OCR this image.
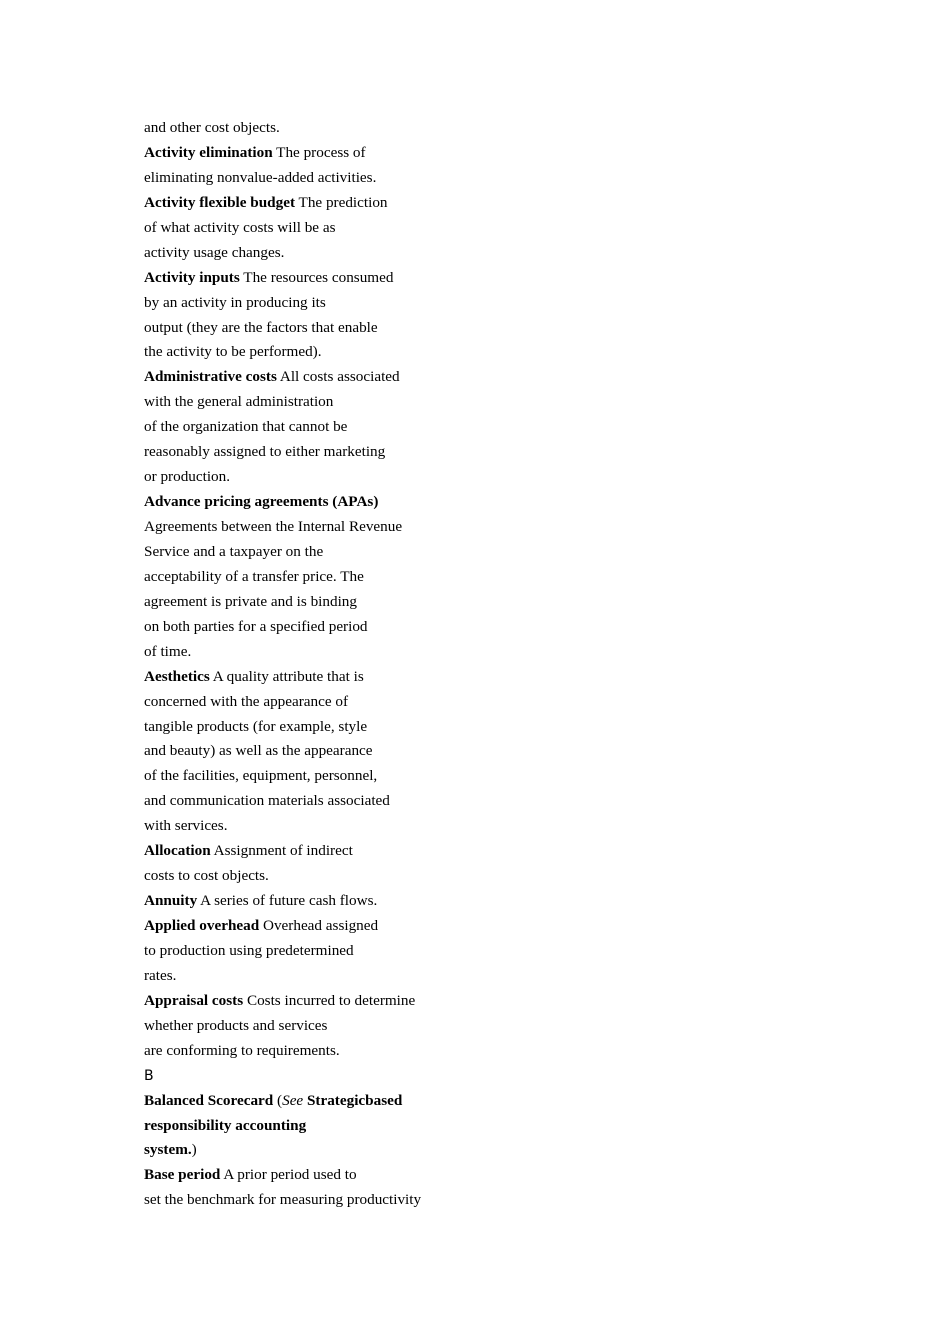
and other cost objects.
Activity elimination The process of
eliminating nonvalue-added activities.
Activity flexible budget The prediction
of what activity costs will be as
activity usage changes.
Activity inputs The resources consumed
by an activity in producing its
output (they are the factors that enable
the activity to be performed).
Administrative costs All costs associated
with the general administration
of the organization that cannot be
reasonably assigned to either marketing
or production.
Advance pricing agreements (APAs)
Agreements between the Internal Revenue
Service and a taxpayer on the
acceptability of a transfer price. The
agreement is private and is binding
on both parties for a specified period
of time.
Aesthetics A quality attribute that is
concerned with the appearance of
tangible products (for example, style
and beauty) as well as the appearance
of the facilities, equipment, personnel,
and communication materials associated
with services.
Allocation Assignment of indirect
costs to cost objects.
Annuity A series of future cash flows.
Applied overhead Overhead assigned
to production using predetermined
rates.
Appraisal costs Costs incurred to determine
whether products and services
are conforming to requirements.
B
Balanced Scorecard (See Strategicbased
responsibility accounting
system.)
Base period A prior period used to
set the benchmark for measuring productivity
